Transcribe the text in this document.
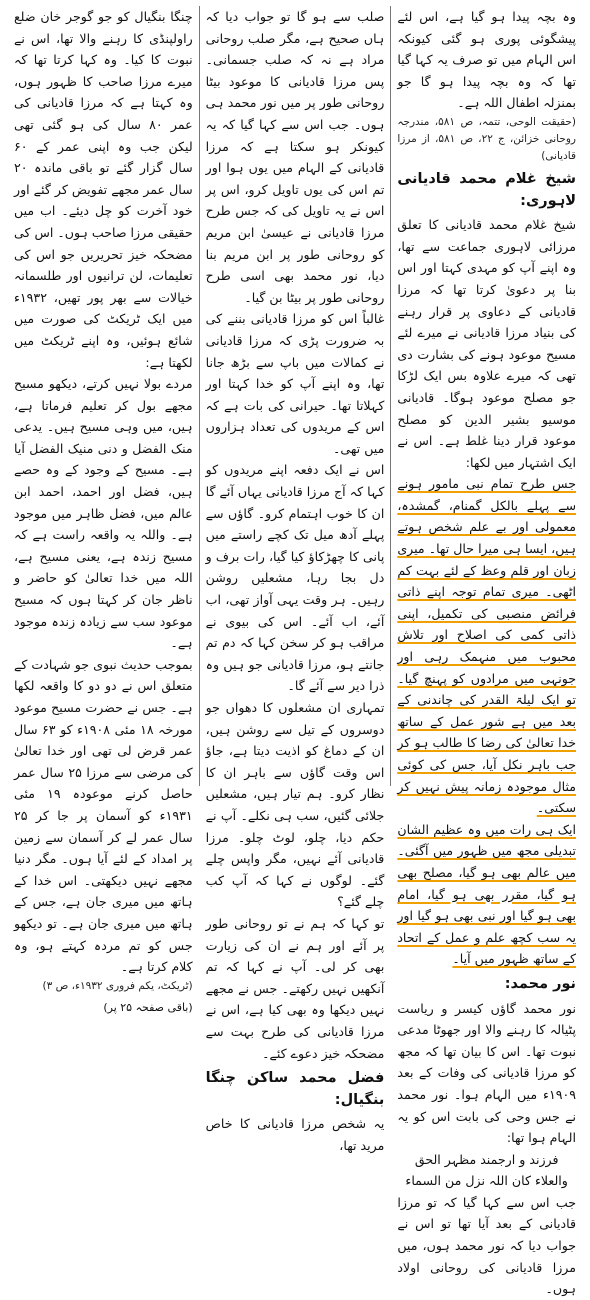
وہ بچہ پیدا ہو گیا ہے، اس لئے پیشگوئی پوری ہو گئی کیونکہ اس الہام میں تو صرف یہ کہا گیا تھا کہ وہ بچہ پیدا ہو گا جو بمنزلہ اطفال اللہ ہے۔

(حقیقت الوحی، تتمہ، ص ۵۸۱، مندرجہ روحانی خزائن، ج ۲۲، ص ۵۸۱، از مرزا قادیانی)

شیخ غلام محمد قادیانی لاہوری:

شیخ غلام محمد قادیانی کا تعلق مرزائی لاہوری جماعت سے تھا، وہ اپنے آپ کو مہدی کہتا اور اس بنا پر دعویٰ کرتا تھا کہ مرزا قادیانی کے دعاوی پر قرار رہنے کی بنیاد مرزا قادیانی نے میرے لئے مسیح موعود ہونے کی بشارت دی تھی کہ میرے علاوہ بس ایک لڑکا جو مصلح موعود ہوگا۔ قادیانی موسیو بشیر الدین کو مصلح موعود قرار دینا غلط ہے۔ اس نے ایک اشتہار میں لکھا:

جس طرح تمام نبی مامور ہونے سے پہلے بالکل گمنام، گمشدہ، معمولی اور بے علم شخص ہوتے ہیں، ایسا ہی میرا حال تھا۔ میری زبان اور قلم وعظ کے لئے بہت کم اٹھی۔ میری تمام توجہ اپنے ذاتی فرائض منصبی کی تکمیل، اپنی ذاتی کمی کی اصلاح اور تلاش محبوب میں منہمک رہی اور جونہی میں مرادوں کو پہنچ گیا۔ تو ایک لیلۃ القدر کی چاندنی کے بعد میں ہے شور عمل کے ساتھ خدا تعالیٰ کی رضا کا طالب ہو کر جب باہر نکل آیا، جس کی کوئی مثال موجودہ زمانہ پیش نہیں کر سکتی۔

ایک ہی رات میں وہ عظیم الشان تبدیلی مجھ میں ظہور میں آگئی۔ میں عالم بھی ہو گیا، مصلح بھی ہو گیا، مقرر بھی ہو گیا، امام بھی ہو گیا اور نبی بھی ہو گیا اور یہ سب کچھ علم و عمل کے اتحاد کے ساتھ ظہور میں آیا۔

نور محمد:

نور محمد گاؤں کیسر و ریاست پٹیالہ کا رہنے والا اور جھوٹا مدعی نبوت تھا۔ اس کا بیان تھا کہ مجھ کو مرزا قادیانی کی وفات کے بعد ۱۹۰۹ء میں الہام ہوا۔ نور محمد نے جس وحی کی بابت اس کو یہ الہام ہوا تھا:

فرزند و ارجمند مظہر الحق والعلاء کان اللہ نزل من السماء

جب اس سے کہا گیا کہ تو مرزا قادیانی کے بعد آیا تھا تو اس نے جواب دیا کہ نور محمد ہوں، میں مرزا قادیانی کی روحانی اولاد ہوں۔

صلب سے ہو گا تو جواب دیا کہ ہاں صحیح ہے، مگر صلب روحانی مراد ہے نہ کہ صلب جسمانی۔ پس مرزا قادیانی کا موعود بیٹا روحانی طور پر میں نور محمد ہی ہوں۔ جب اس سے کہا گیا کہ یہ کیونکر ہو سکتا ہے کہ مرزا قادیانی کے الہام میں یوں ہوا اور تم اس کی یوں تاویل کرو، اس پر اس نے یہ تاویل کی کہ جس طرح مرزا قادیانی نے عیسیٰ ابن مریم کو روحانی طور پر ابن مریم بنا دیا، نور محمد بھی اسی طرح روحانی طور پر بیٹا بن گیا۔

غالباً اس کو مرزا قادیانی بننے کی بہ ضرورت پڑی کہ مرزا قادیانی نے کمالات میں باپ سے بڑھ جانا تھا، وہ اپنے آپ کو خدا کہتا اور کہلاتا تھا۔ حیرانی کی بات ہے کہ اس کے مریدوں کی تعداد ہزاروں میں تھی۔

اس نے ایک دفعہ اپنے مریدوں کو کہا کہ آج مرزا قادیانی یہاں آئے گا ان کا خوب اہتمام کرو۔ گاؤں سے پہلے آدھ میل تک کچے راستے میں پانی کا چھڑکاؤ کیا گیا، رات برف و دل بجا رہا، مشعلیں روشن رہیں۔ ہر وقت یہی آواز تھی، اب آئے، اب آئے۔ اس کی بیوی نے مراقب ہو کر سخن کہا کہ دم تم جانتے ہو، مرزا قادیانی جو ہیں وہ ذرا دیر سے آئے گا۔

تمہاری ان مشعلوں کا دھواں جو دوسروں کے تیل سے روشن ہیں، ان کے دماغ کو اذیت دیتا ہے، جاؤ اس وقت گاؤں سے باہر ان کا نظار کرو۔ ہم تیار ہیں، مشعلیں جلائی گئیں، سب ہی نکلے۔ آپ نے حکم دیا، چلو، لوٹ چلو۔ مرزا قادیانی آئے نہیں، مگر واپس چلے گئے۔ لوگوں نے کہا کہ آپ کب چلے گئے؟

تو کہا کہ ہم نے تو روحانی طور پر آئے اور ہم نے ان کی زیارت بھی کر لی۔ آپ نے کہا کہ تم آنکھیں نہیں رکھتے۔ جس نے مجھے نہیں دیکھا وہ بھی کیا ہے، اس نے مرزا قادیانی کی طرح بہت سے مضحکہ خیز دعوے کئے۔

فضل محمد ساکن چنگا بنگیال:

یہ شخص مرزا قادیانی کا خاص مرید تھا،

چنگا بنگیال کو جو گوجر خان ضلع راولپنڈی کا رہنے والا تھا، اس نے نبوت کا کیا۔ وہ کہا کرتا تھا کہ میرے مرزا صاحب کا ظہور ہوں، وہ کہتا ہے کہ مرزا قادیانی کی عمر ۸۰ سال کی ہو گئی تھی لیکن جب وہ اپنی عمر کے ۶۰ سال گزار گئے تو باقی ماندہ ۲۰ سال عمر مجھے تفویض کر گئے اور خود آخرت کو چل دیئے۔ اب میں حقیقی مرزا صاحب ہوں۔ اس کی مضحکہ خیز تحریریں جو اس کی تعلیمات، لن ترانیوں اور طلسمانہ خیالات سے بھر پور تھیں، ۱۹۳۲ء میں ایک ٹریکٹ کی صورت میں شائع ہوئیں، وہ اپنے ٹریکٹ میں لکھتا ہے:

مردے بولا نہیں کرتے، دیکھو مسیح مجھے بول کر تعلیم فرماتا ہے، ہیں، میں وہی مسیح ہیں۔ یدعی منک الفضل و دنی منیک الفضل آیا ہے۔ مسیح کے وجود کے وہ حصے ہیں، فضل اور احمد، احمد ابن عالم میں، فضل ظاہر میں موجود ہے۔ واللہ یہ واقعہ راست ہے کہ مسیح زندہ ہے، یعنی مسیح ہے، اللہ میں خدا تعالیٰ کو حاضر و ناظر جان کر کہتا ہوں کہ مسیح موعود سب سے زیادہ زندہ موجود ہے۔

بموجب حدیث نبوی جو شہادت کے متعلق اس نے دو دو کا واقعہ لکھا ہے۔ جس نے حضرت مسیح موعود مورخہ ۱۸ مئی ۱۹۰۸ء کو ۶۳ سال عمر قرض لی تھی اور خدا تعالیٰ کی مرضی سے مرزا ۲۵ سال عمر حاصل کرنے موعودہ ۱۹ مئی ۱۹۳۱ء کو آسمان پر جا کر ۲۵ سال عمر لے کر آسمان سے زمین پر امداد کے لئے آیا ہوں۔ مگر دنیا مجھے نہیں دیکھتی۔ اس خدا کے ہاتھ میں میری جان ہے، جس کے ہاتھ میں میری جان ہے۔ تو دیکھو جس کو تم مردہ کہتے ہو، وہ کلام کرتا ہے۔

(ٹریکٹ، یکم فروری ۱۹۳۲ء، ص ۳)

(باقی صفحہ ۲۵ پر)
